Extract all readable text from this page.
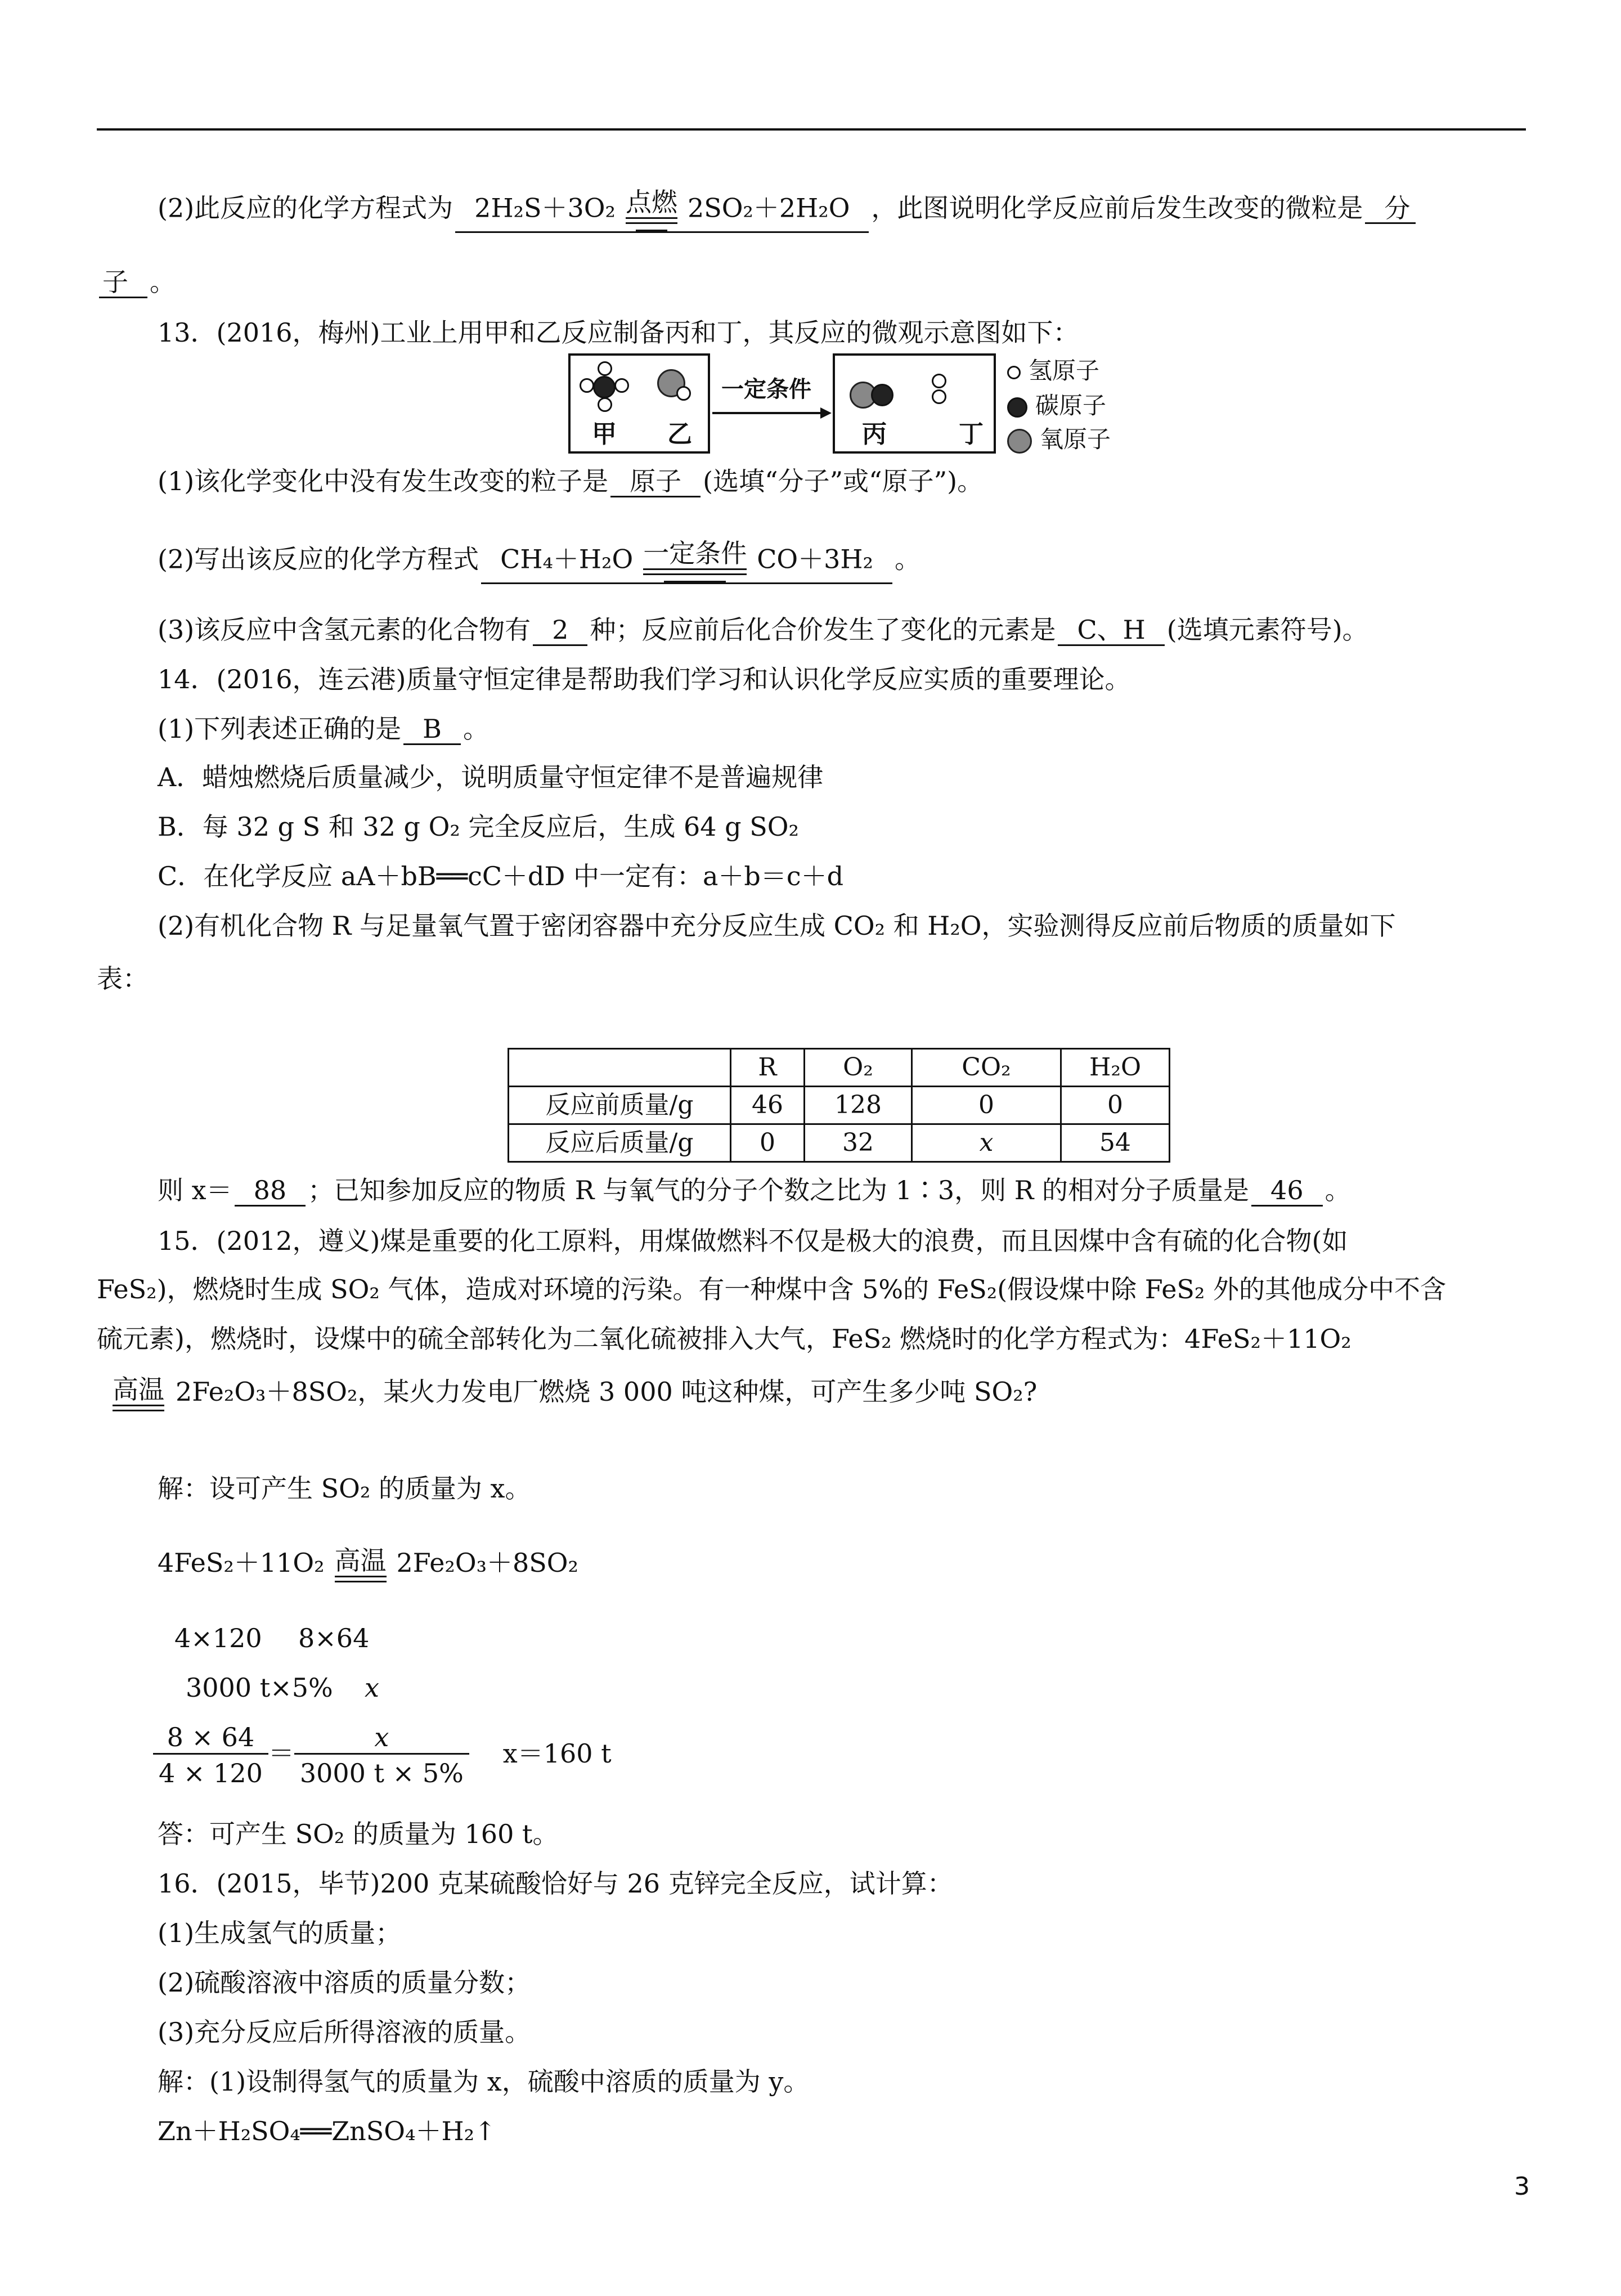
(2)此反应的化学方程式为 2H₂S＋3O₂ 点燃 2SO₂＋2H₂O ，此图说明化学反应前后发生改变的微粒是 分
子 。
13．(2016，梅州)工业上用甲和乙反应制备丙和丁，其反应的微观示意图如下：
甲 乙
一定条件
丙	丁
氢原子
碳原子
氧原子
(1)该化学变化中没有发生改变的粒子是 原子 (选填“分子”或“原子”)。
(2)写出该反应的化学方程式 CH₄＋H₂O 一定条件 CO＋3H₂ 。
(3)该反应中含氢元素的化合物有 2 种；反应前后化合价发生了变化的元素是 C、H (选填元素符号)。
14．(2016，连云港)质量守恒定律是帮助我们学习和认识化学反应实质的重要理论。
(1)下列表述正确的是 B 。
A．蜡烛燃烧后质量减少，说明质量守恒定律不是普遍规律
B．每 32 g S 和 32 g O₂ 完全反应后，生成 64 g SO₂
C．在化学反应 aA＋bB══cC＋dD 中一定有：a＋b＝c＋d
(2)有机化合物 R 与足量氧气置于密闭容器中充分反应生成 CO₂ 和 H₂O，实验测得反应前后物质的质量如下
表：
	R	O₂	CO₂	H₂O
反应前质量/g	46	128	0	0
反应后质量/g	0	32	x	54
则 x＝ 88 ；已知参加反应的物质 R 与氧气的分子个数之比为 1∶3，则 R 的相对分子质量是 46 。
15．(2012，遵义)煤是重要的化工原料，用煤做燃料不仅是极大的浪费，而且因煤中含有硫的化合物(如
FeS₂)，燃烧时生成 SO₂ 气体，造成对环境的污染。有一种煤中含 5%的 FeS₂(假设煤中除 FeS₂ 外的其他成分中不含
硫元素)，燃烧时，设煤中的硫全部转化为二氧化硫被排入大气，FeS₂ 燃烧时的化学方程式为：4FeS₂＋11O₂
高温 2Fe₂O₃＋8SO₂，某火力发电厂燃烧 3 000 吨这种煤，可产生多少吨 SO₂?
解：设可产生 SO₂ 的质量为 x。
4FeS₂＋11O₂ 高温 2Fe₂O₃＋8SO₂
4×120 8×64
3000 t×5% x
$\frac{8 \times 64}{4 \times 120} = \frac{x}{3000 t \times 5\%} x=160$ t
答：可产生 SO₂ 的质量为 160 t。
16．(2015，毕节)200 克某硫酸恰好与 26 克锌完全反应，试计算：
(1)生成氢气的质量；
(2)硫酸溶液中溶质的质量分数；
(3)充分反应后所得溶液的质量。
解：(1)设制得氢气的质量为 x，硫酸中溶质的质量为 y。
Zn＋H₂SO₄══ZnSO₄＋H₂↑
3
